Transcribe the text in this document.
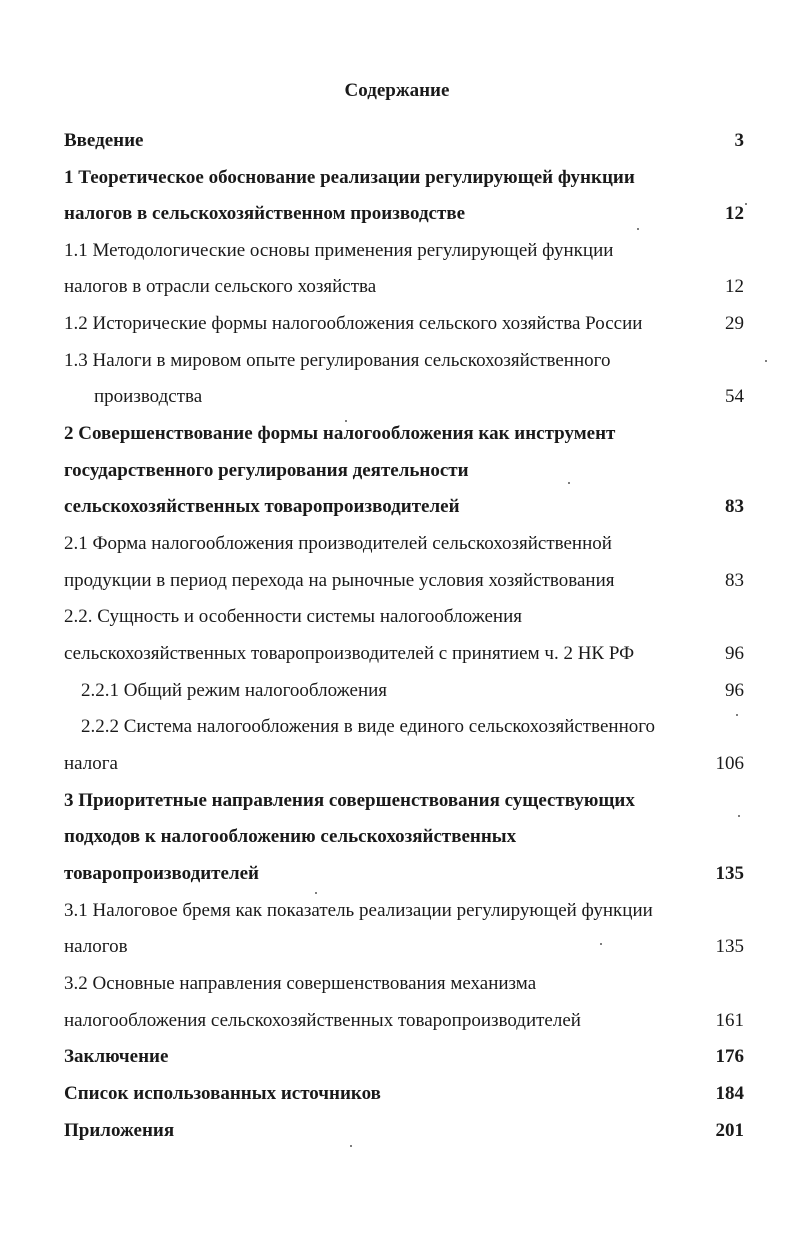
Содержание
Введение	3
1 Теоретическое обоснование реализации регулирующей функции
налогов в сельскохозяйственном производстве	12
1.1 Методологические основы применения регулирующей функции
налогов в отрасли сельского хозяйства	12
1.2 Исторические формы налогообложения сельского хозяйства России	29
1.3 Налоги в мировом опыте регулирования сельскохозяйственного
производства	54
2 Совершенствование формы налогообложения как инструмент
государственного регулирования деятельности
сельскохозяйственных товаропроизводителей	83
2.1 Форма налогообложения производителей сельскохозяйственной
продукции в период перехода на рыночные условия хозяйствования	83
2.2. Сущность и особенности системы налогообложения
сельскохозяйственных товаропроизводителей с принятием ч. 2 НК РФ	96
2.2.1 Общий режим налогообложения	96
2.2.2 Система налогообложения в виде единого сельскохозяйственного
налога	106
3 Приоритетные направления совершенствования существующих
подходов к налогообложению сельскохозяйственных
товаропроизводителей	135
3.1 Налоговое бремя как показатель реализации регулирующей функции
налогов	135
3.2 Основные направления совершенствования механизма
налогообложения сельскохозяйственных товаропроизводителей	161
Заключение	176
Список использованных источников	184
Приложения	201
